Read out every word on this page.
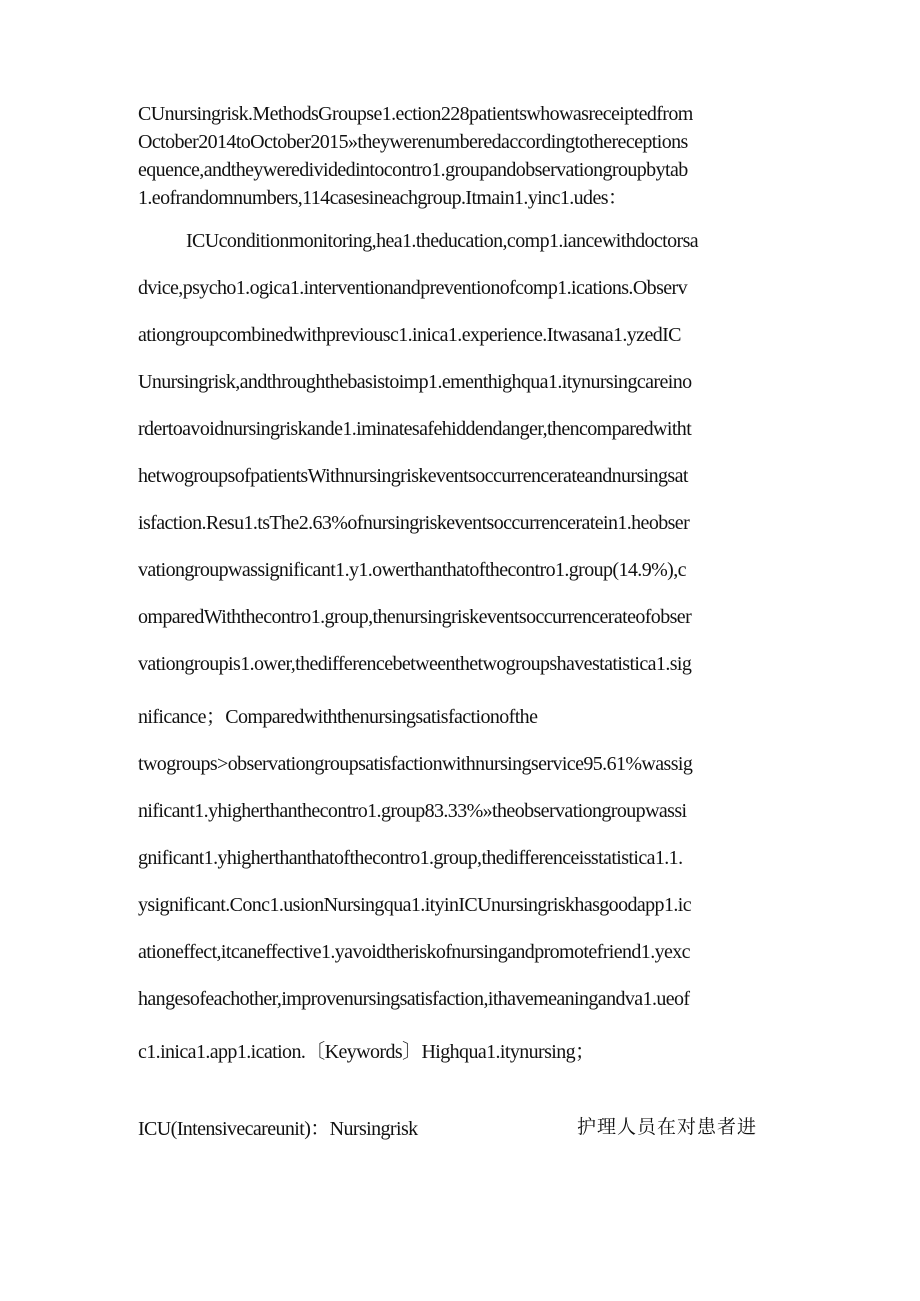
CUnursingrisk.MethodsGroupse1.ection228patientswhowasreceiptedfrom
October2014toOctober2015»theywerenumberedaccordingtothereceptions
equence,andtheyweredividedintocontro1.groupandobservationgroupbytab
1.eofrandomnumbers,114casesineachgroup.Itmain1.yinc1.udes：
ICUconditionmonitoring,hea1.theducation,comp1.iancewithdoctorsa
dvice,psycho1.ogica1.interventionandpreventionofcomp1.ications.Observ
ationgroupcombinedwithpreviousc1.inica1.experience.Itwasana1.yzedIC
Unursingrisk,andthroughthebasistoimp1.ementhighqua1.itynursingcareino
rdertoavoidnursingriskande1.iminatesafehiddendanger,thencomparedwitht
hetwogroupsofpatientsWithnursingriskeventsoccurrencerateandnursingsat
isfaction.Resu1.tsThe2.63%ofnursingriskeventsoccurrenceratein1.heobser
vationgroupwassignificant1.y1.owerthanthatofthecontro1.group(14.9%),c
omparedWiththecontro1.group,thenursingriskeventsoccurrencerateofobser
vationgroupis1.ower,thedifferencebetweenthetwogroupshavestatistica1.sig
nificance；Comparedwiththenursingsatisfactionofthe
twogroups>observationgroupsatisfactionwithnursingservice95.61%wassig
nificant1.yhigherthanthecontro1.group83.33%»theobservationgroupwassi
gnificant1.yhigherthanthatofthecontro1.group,thedifferenceisstatistica1.1.
ysignificant.Conc1.usionNursingqua1.ityinICUnursingriskhasgoodapp1.ic
ationeffect,itcaneffective1.yavoidtheriskofnursingandpromotefriend1.yexc
hangesofeachother,improvenursingsatisfaction,ithavemeaningandva1.ueof
c1.inica1.app1.ication.〔Keywords〕Highqua1.itynursing；
ICU(Intensivecareunit)：Nursingrisk	护理人员在对患者进
